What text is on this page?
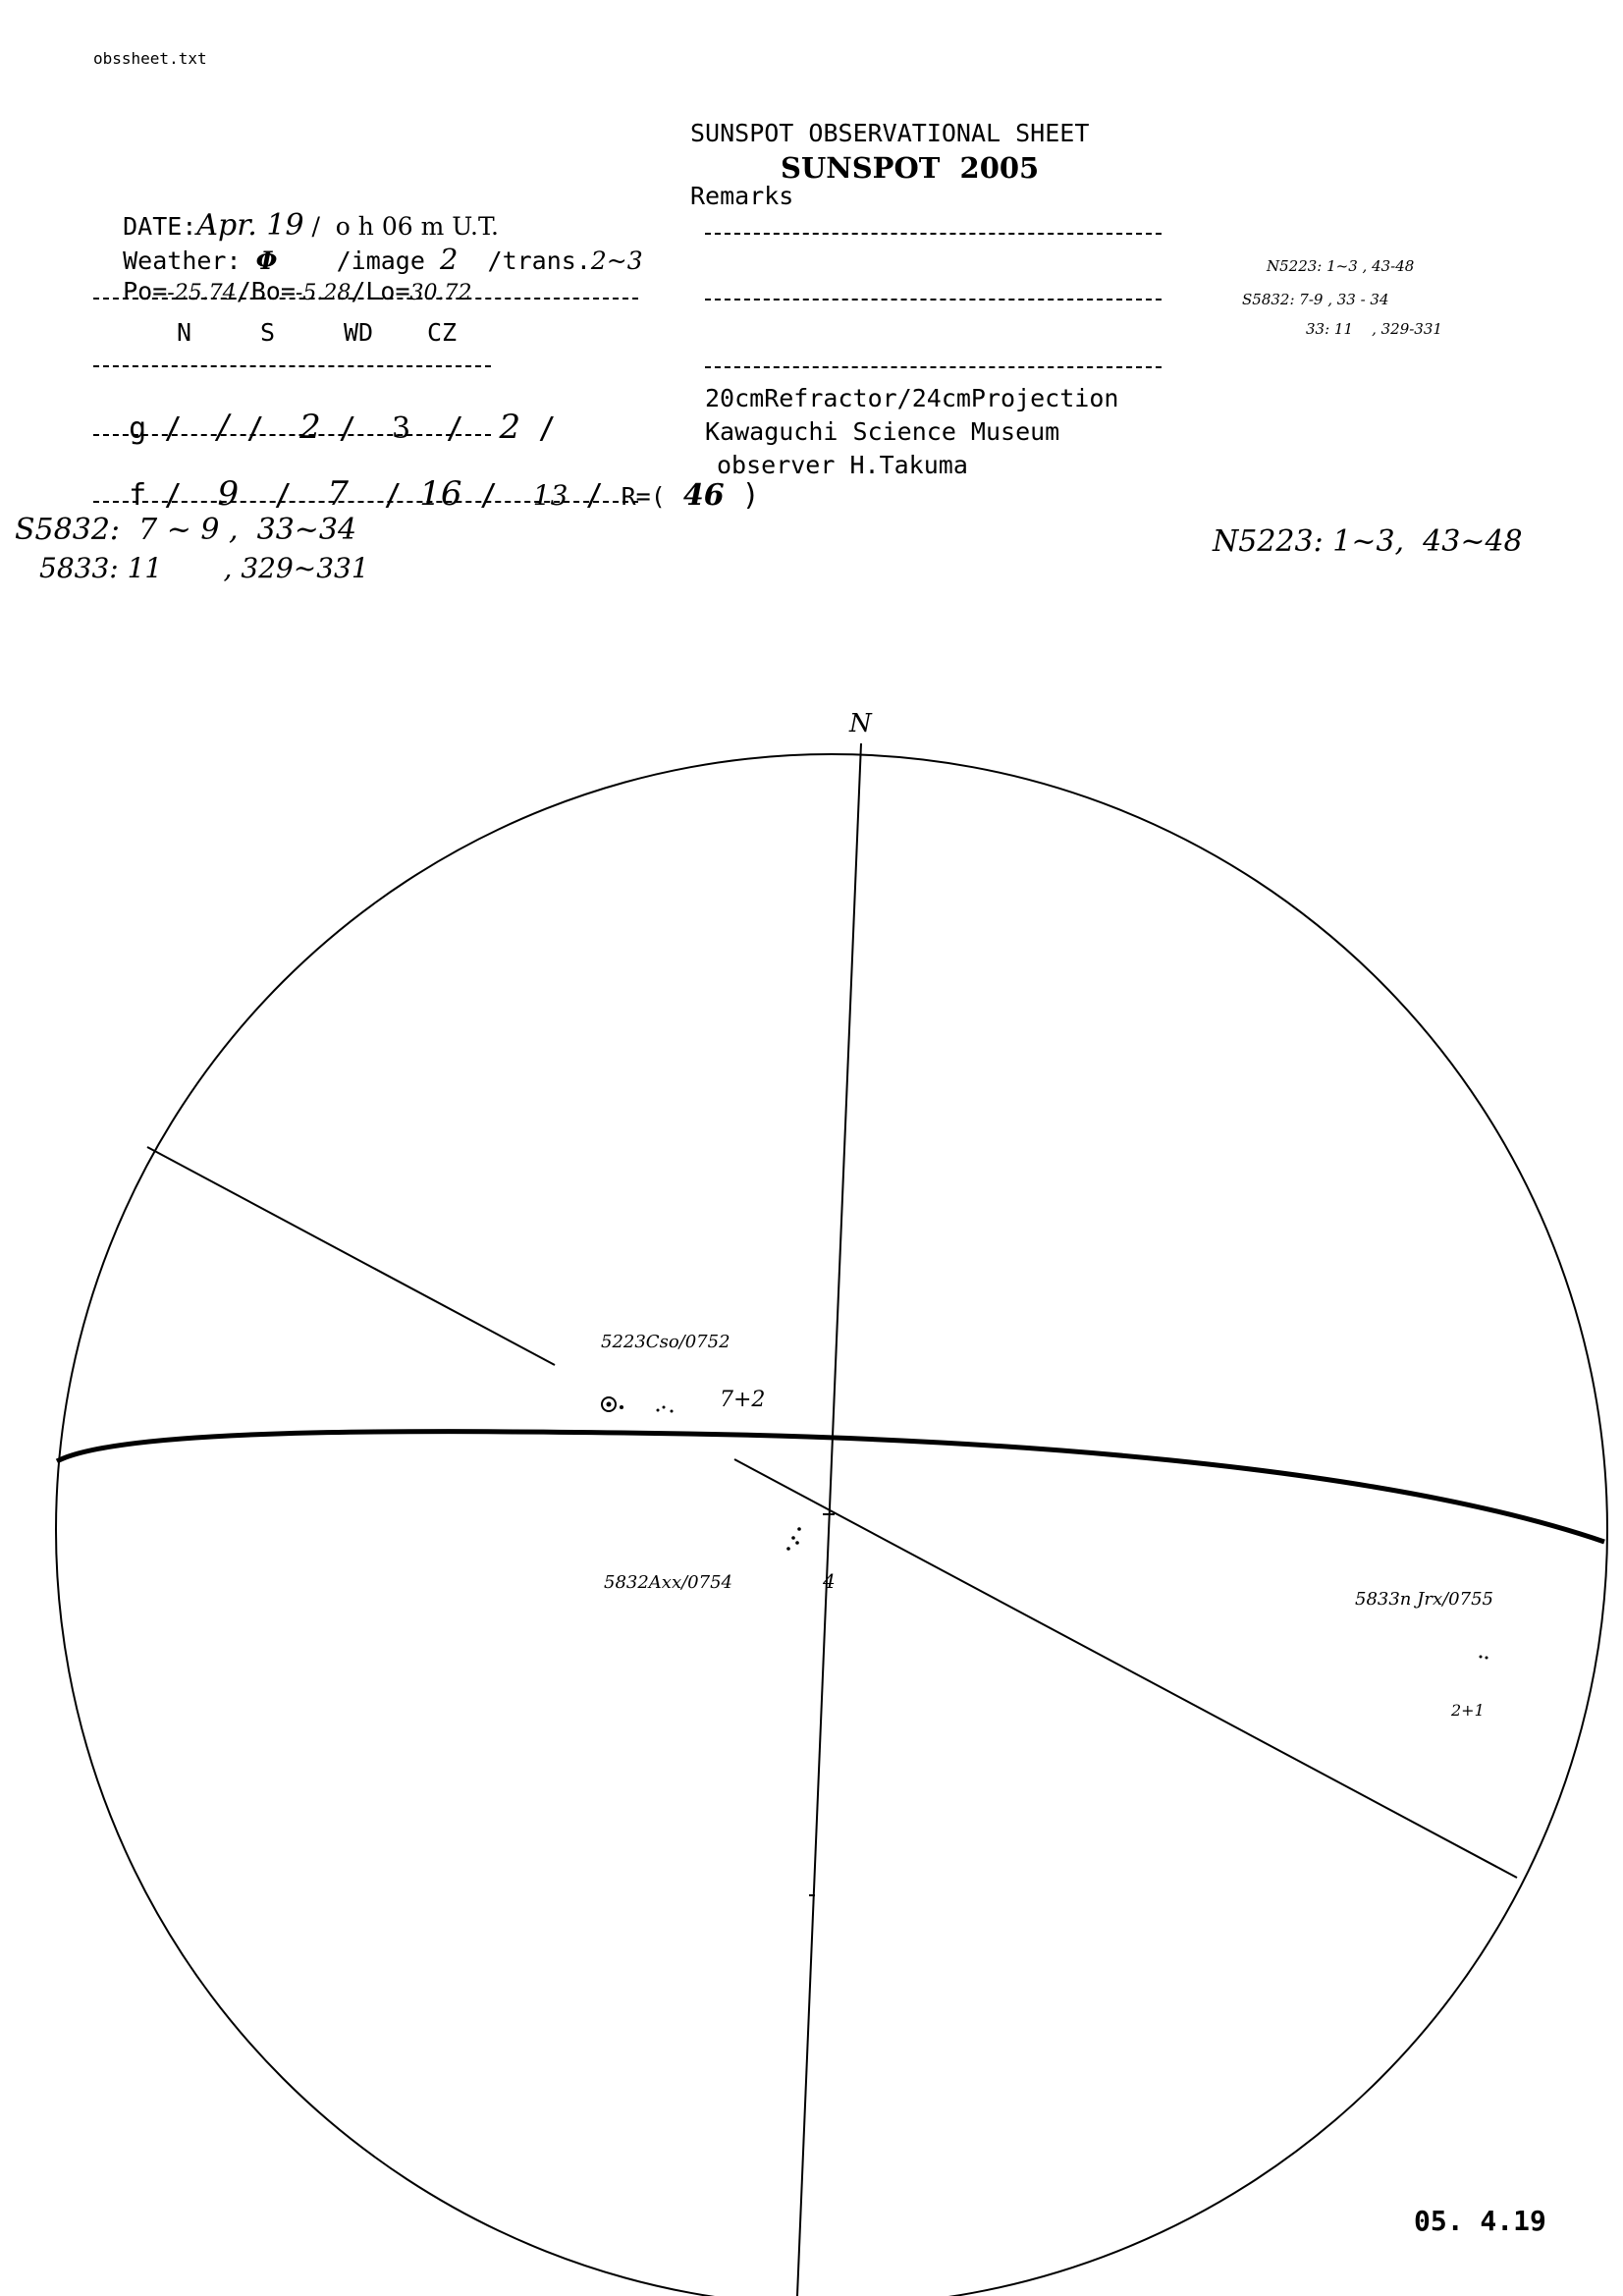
obssheet.txt
SUNSPOT OBSERVATIONAL SHEET
SUNSPOT  2005
Remarks

DATE:Apr. 19 /  o h 06 m U.T.

Weather: Φ /image 2 /trans.2~3

Po=-25.74/Bo=-5.28/Lo=30.72

N	S	WD CZ

g /  / /  2 /  3  /  2 /

f /  9  /  7  / 16 /  13 / R=( 46 )

20cmRefractor/24cmProjection
Kawaguchi Science Museum
observer H.Takuma
N5223: 1~3 , 43-48
S5832: 7-9 , 33 - 34
33: 11    , 329-331
S5832:  7 ~ 9 ,  33~34
5833: 11       , 329~331
N5223: 1~3,  43~48
N
5223Cso/0752
7+2
5832Axx/0754	4
5833n Jrx/0755
2+1
05. 4.19
